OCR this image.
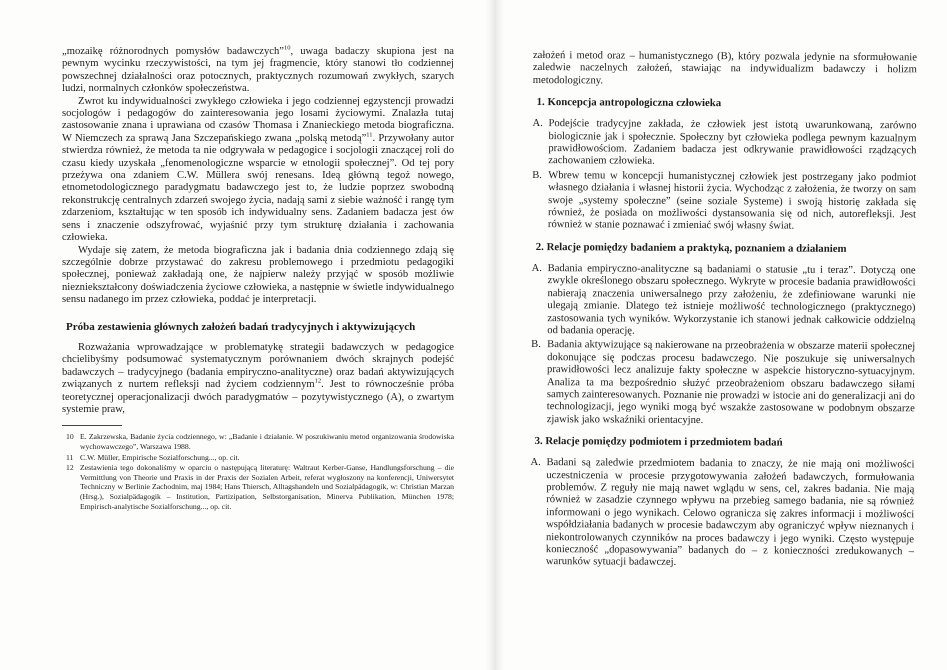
„mozaikę różnorodnych pomysłów badawczych”$^{10}$, uwaga badaczy skupiona jest na pewnym wycinku rzeczywistości, na tym jej fragmencie, który stanowi tło codziennej powszechnej działalności oraz potocznych, praktycznych rozumowań zwykłych, szarych ludzi, normalnych członków społeczeństwa.

Zwrot ku indywidualności zwykłego człowieka i jego codziennej egzystencji prowadzi socjologów i pedagogów do zainteresowania jego losami życiowymi. Znalazła tutaj zastosowanie znana i uprawiana od czasów Thomasa i Znanieckiego metoda biograficzna. W Niemczech za sprawą Jana Szczepańskiego zwana „polską metodą”$^{11}$. Przywołany autor stwierdza również, że metoda ta nie odgrywała w pedagogice i socjologii znaczącej roli do czasu kiedy uzyskała „fenomenologiczne wsparcie w etnologii społecznej”. Od tej pory przeżywa ona zdaniem C.W. Müllera swój renesans. Ideą główną tegoż nowego, etnometodologicznego paradygmatu badawczego jest to, że ludzie poprzez swobodną rekonstrukcję centralnych zdarzeń swojego życia, nadają sami z siebie ważność i rangę tym zdarzeniom, kształtując w ten sposób ich indywidualny sens. Zadaniem badacza jest ów sens i znaczenie odszyfrować, wyjaśnić przy tym strukturę działania i zachowania człowieka.

Wydaje się zatem, że metoda biograficzna jak i badania dnia codziennego zdają się szczególnie dobrze przystawać do zakresu problemowego i przedmiotu pedagogiki społecznej, ponieważ zakładają one, że najpierw należy przyjąć w sposób możliwie niezniekształcony doświadczenia życiowe człowieka, a następnie w świetle indywidualnego sensu nadanego im przez człowieka, poddać je interpretacji.

Próba zestawienia głównych założeń badań tradycyjnych i aktywizujących

Rozważania wprowadzające w problematykę strategii badawczych w pedagogice chcielibyśmy podsumować systematycznym porównaniem dwóch skrajnych podejść badawczych – tradycyjnego (badania empiryczno-analityczne) oraz badań aktywizujących związanych z nurtem refleksji nad życiem codziennym$^{12}$. Jest to równocześnie próba teoretycznej operacjonalizacji dwóch paradygmatów – pozytywistycznego (A), o zwartym systemie praw,

10 E. Zakrzewska, Badanie życia codziennego, w: „Badanie i działanie. W poszukiwaniu metod organizowania środowiska wychowawczego”, Warszawa 1988.
11 C.W. Müller, Empirische Sozialforschung..., op. cit.
12 Zestawienia tego dokonaliśmy w oparciu o następującą literaturę: Waltraut Kerber-Ganse, Handlungsforschung – die Vermittlung von Theorie und Praxis in der Praxis der Sozialen Arbeit, referat wygłoszony na konferencji, Uniwersytet Techniczny w Berlinie Zachodnim, maj 1984; Hans Thiersch, Alltagshandeln und Sozialpädagogik, w: Christian Marzan (Hrsg.), Sozialpädagogik – Institution, Partizipation, Selbstorganisation, Minerva Publikation, München 1978; Empirisch-analytische Sozialforschung..., op. cit.

założeń i metod oraz – humanistycznego (B), który pozwala jedynie na sformułowanie zaledwie naczelnych założeń, stawiając na indywidualizm badawczy i holizm metodologiczny.

1. Koncepcja antropologiczna człowieka
A. Podejście tradycyjne zakłada, że człowiek jest istotą uwarunkowaną, zarówno biologicznie jak i społecznie. Społeczny byt człowieka podlega pewnym kazualnym prawidłowościom. Zadaniem badacza jest odkrywanie prawidłowości rządzących zachowaniem człowieka.
B. Wbrew temu w koncepcji humanistycznej człowiek jest postrzegany jako podmiot własnego działania i własnej historii życia. Wychodząc z założenia, że tworzy on sam swoje „systemy społeczne” (seine soziale Systeme) i swoją historię zakłada się również, że posiada on możliwości dystansowania się od nich, autorefleksji. Jest również w stanie poznawać i zmieniać swój własny świat.
2. Relacje pomiędzy badaniem a praktyką, poznaniem a działaniem
A. Badania empiryczno-analityczne są badaniami o statusie „tu i teraz”. Dotyczą one zwykle określonego obszaru społecznego. Wykryte w procesie badania prawidłowości nabierają znaczenia uniwersalnego przy założeniu, że zdefiniowane warunki nie ulegają zmianie. Dlatego też istnieje możliwość technologicznego (praktycznego) zastosowania tych wyników. Wykorzystanie ich stanowi jednak całkowicie oddzielną od badania operację.
B. Badania aktywizujące są nakierowane na przeobrażenia w obszarze materii społecznej dokonujące się podczas procesu badawczego. Nie poszukuje się uniwersalnych prawidłowości lecz analizuje fakty społeczne w aspekcie historyczno-sytuacyjnym. Analiza ta ma bezpośrednio służyć przeobrażeniom obszaru badawczego siłami samych zainteresowanych. Poznanie nie prowadzi w istocie ani do generalizacji ani do technologizacji, jego wyniki mogą być wszakże zastosowane w podobnym obszarze zjawisk jako wskaźniki orientacyjne.
3. Relacje pomiędzy podmiotem i przedmiotem badań
A. Badani są zaledwie przedmiotem badania to znaczy, że nie mają oni możliwości uczestniczenia w procesie przygotowywania założeń badawczych, formułowania problemów. Z reguły nie mają nawet wglądu w sens, cel, zakres badania. Nie mają również w zasadzie czynnego wpływu na przebieg samego badania, nie są również informowani o jego wynikach. Celowo ogranicza się zakres informacji i możliwości współdziałania badanych w procesie badawczym aby ograniczyć wpływ nieznanych i niekontrolowanych czynników na proces badawczy i jego wyniki. Często występuje konieczność „dopasowywania” badanych do – z konieczności zredukowanych – warunków sytuacji badawczej.
